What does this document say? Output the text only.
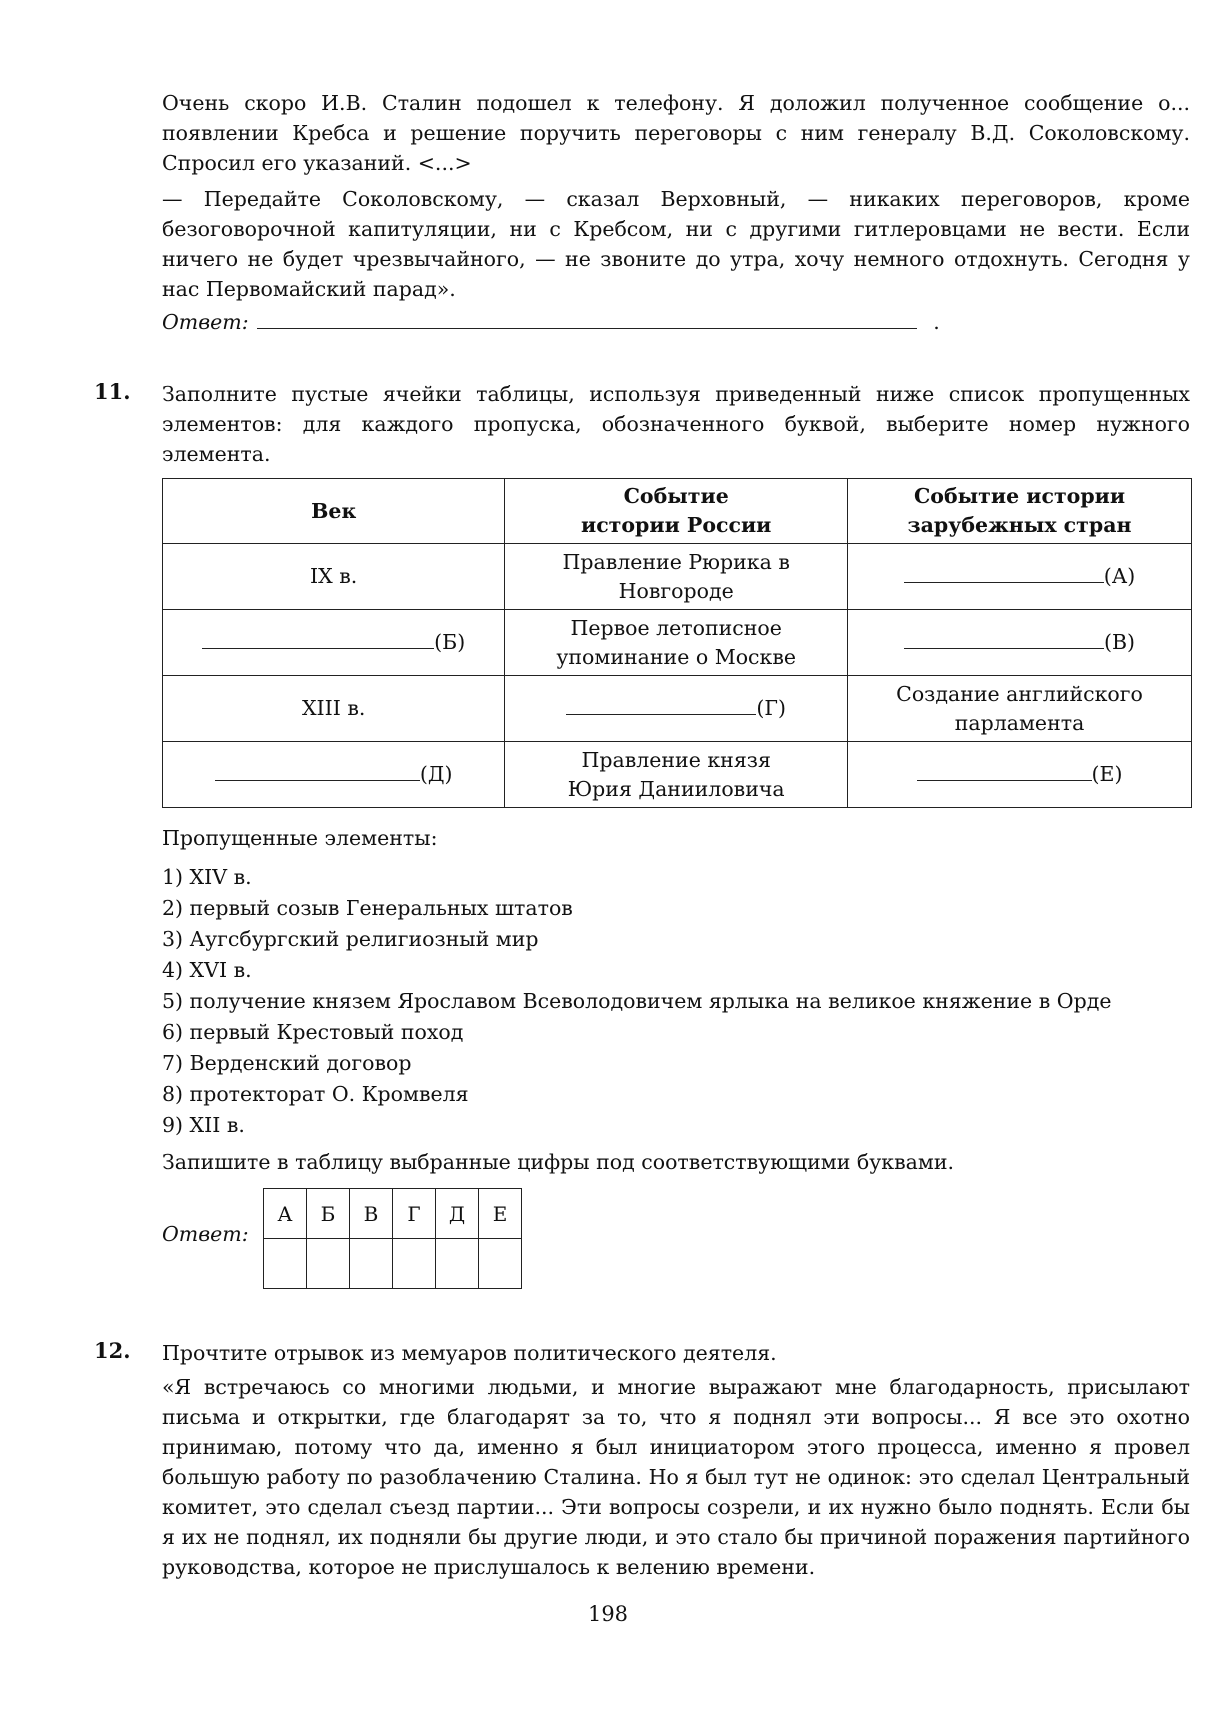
Очень скоро И.В. Сталин подошел к телефону. Я доложил полученное сообщение о... появлении Кребса и решение поручить переговоры с ним генералу В.Д. Соколовскому. Спросил его указаний. <...>

— Передайте Соколовскому, — сказал Верховный, — никаких переговоров, кроме безоговорочной капитуляции, ни с Кребсом, ни с другими гитлеровцами не вести. Если ничего не будет чрезвычайного, — не звоните до утра, хочу немного отдохнуть. Сегодня у нас Первомайский парад».

Ответ:	.

11. Заполните пустые ячейки таблицы, используя приведенный ниже список пропущенных элементов: для каждого пропуска, обозначенного буквой, выберите номер нужного элемента.

Век	Событие истории России	Событие истории зарубежных стран

IX в.	Правление Рюрика в Новгороде	(А)
(Б)	Первое летописное упоминание о Москве	(В)
XIII в.	(Г)	Создание английского парламента

(Д)	Правление князя Юрия Данииловича	(Е)
Пропущенные элементы:
1) XIV в.
2) первый созыв Генеральных штатов
3) Аугсбургский религиозный мир
4) XVI в.
5) получение князем Ярославом Всеволодовичем ярлыка на великое княжение в Орде
6) первый Крестовый поход
7) Верденский договор
8) протекторат О. Кромвеля
9) XII в.
Запишите в таблицу выбранные цифры под соответствующими буквами.
Ответ:
А	Б	В	Г	Д	Е

12. Прочтите отрывок из мемуаров политического деятеля.

«Я встречаюсь со многими людьми, и многие выражают мне благодарность, присылают письма и открытки, где благодарят за то, что я поднял эти вопросы... Я все это охотно принимаю, потому что да, именно я был инициатором этого процесса, именно я провел большую работу по разоблачению Сталина. Но я был тут не одинок: это сделал Центральный комитет, это сделал съезд партии... Эти вопросы созрели, и их нужно было поднять. Если бы я их не поднял, их подняли бы другие люди, и это стало бы причиной поражения партийного руководства, которое не прислушалось к велению времени.

198
